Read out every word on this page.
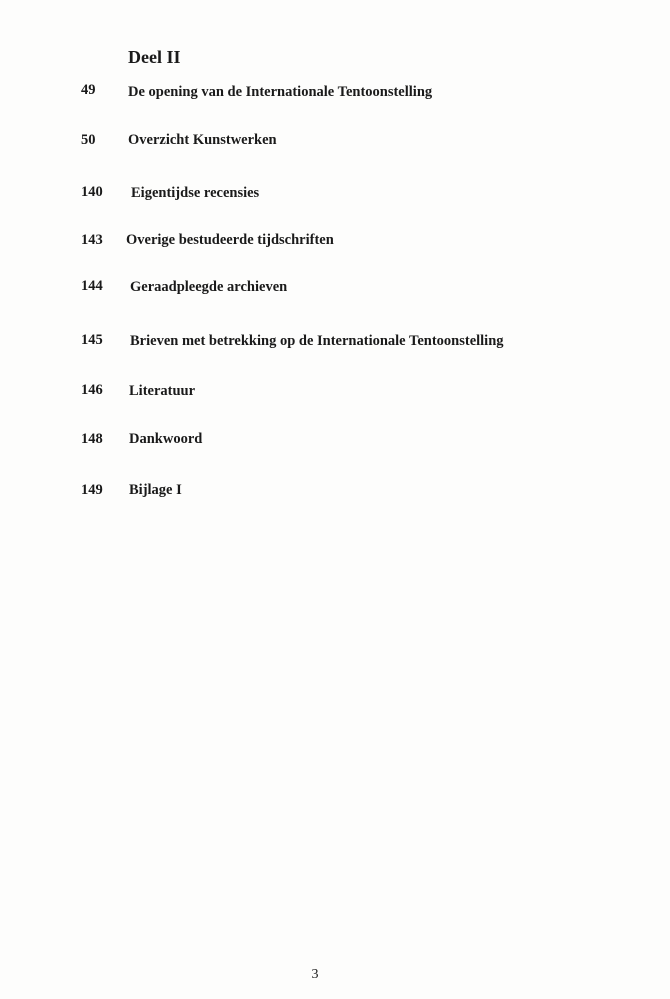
Deel II
49 De opening van de Internationale Tentoonstelling
50 Overzicht Kunstwerken
140 Eigentijdse recensies
143 Overige bestudeerde tijdschriften
144 Geraadpleegde archieven
145 Brieven met betrekking op de Internationale Tentoonstelling
146 Literatuur
148 Dankwoord
149 Bijlage I
3
